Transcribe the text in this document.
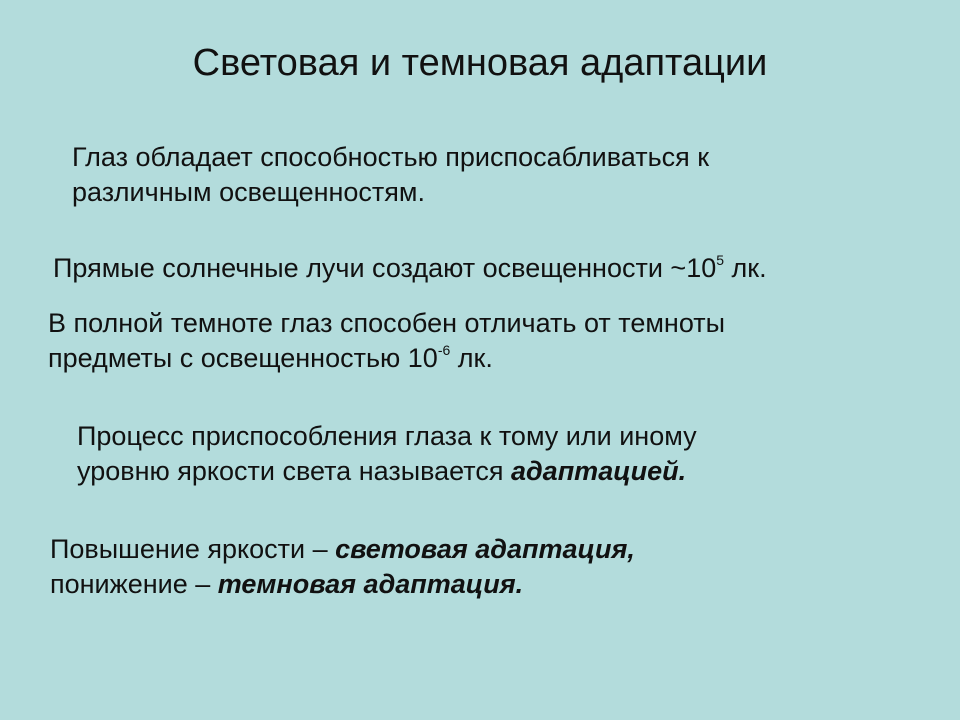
Световая и темновая адаптации

Глаз обладает способностью приспосабливаться к
различным освещенностям.

Прямые солнечные лучи создают освещенности $\sim 10^5$ лк.

В полной темноте глаз способен отличать от темноты
предметы с освещенностью $10^{-6}$ лк.

Процесс приспособления глаза к тому или иному
уровню яркости света называется адаптацией.

Повышение яркости – световая адаптация,
понижение – темновая адаптация.
